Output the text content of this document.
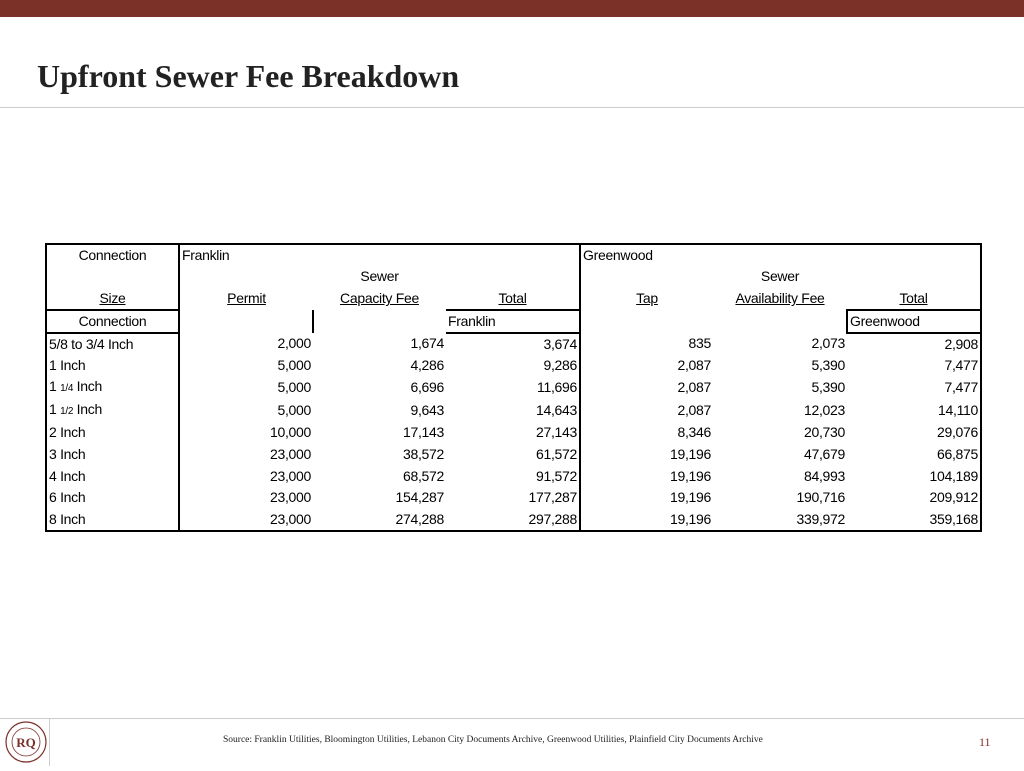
Upfront Sewer Fee Breakdown
Connection	Franklin			Greenwood		
		Sewer			Sewer	
Size	Permit	Capacity Fee	Total	Tap	Availability Fee	Total
Connection			Franklin			Greenwood
5/8 to 3/4 Inch	2,000	1,674	3,674	835	2,073	2,908
1 Inch	5,000	4,286	9,286	2,087	5,390	7,477
1 1/4 Inch	5,000	6,696	11,696	2,087	5,390	7,477
1 1/2 Inch	5,000	9,643	14,643	2,087	12,023	14,110
2 Inch	10,000	17,143	27,143	8,346	20,730	29,076
3 Inch	23,000	38,572	61,572	19,196	47,679	66,875
4 Inch	23,000	68,572	91,572	19,196	84,993	104,189
6 Inch	23,000	154,287	177,287	19,196	190,716	209,912
8 Inch	23,000	274,288	297,288	19,196	339,972	359,168
RQ	Source: Franklin Utilities, Bloomington Utilities, Lebanon City Documents Archive, Greenwood Utilities, Plainfield City Documents Archive	11
